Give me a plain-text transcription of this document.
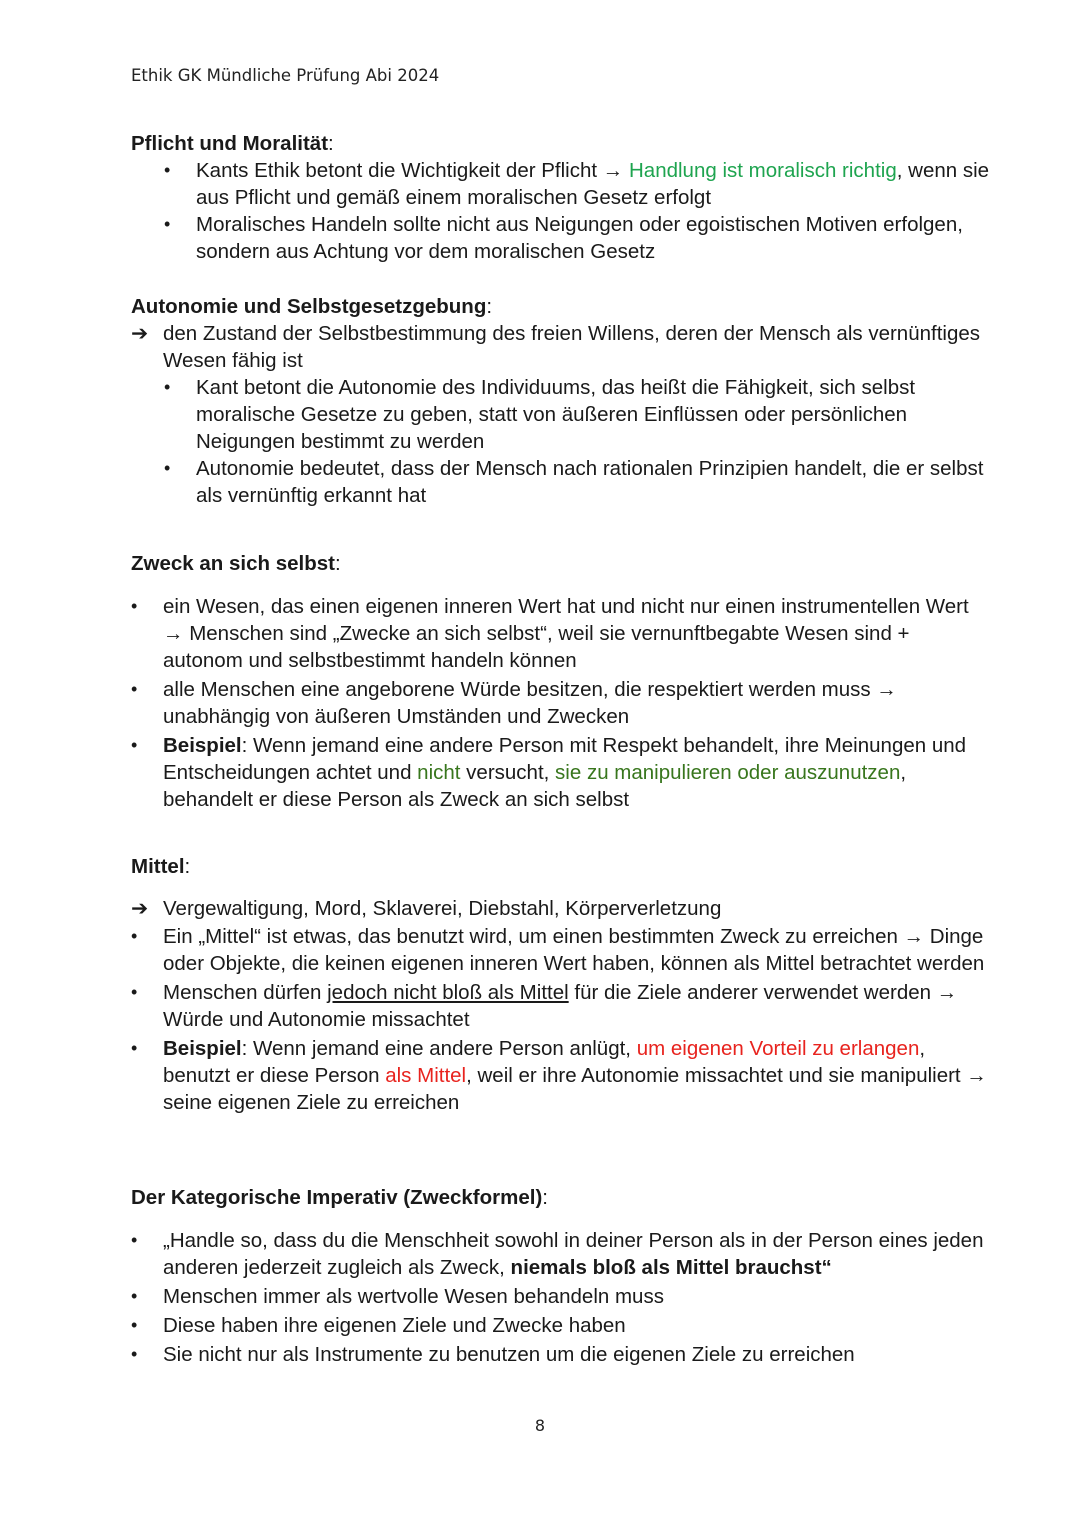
Ethik GK Mündliche Prüfung Abi 2024

Pflicht und Moralität:

• Kants Ethik betont die Wichtigkeit der Pflicht → Handlung ist moralisch richtig, wenn sie aus Pflicht und gemäß einem moralischen Gesetz erfolgt
• Moralisches Handeln sollte nicht aus Neigungen oder egoistischen Motiven erfolgen, sondern aus Achtung vor dem moralischen Gesetz

Autonomie und Selbstgesetzgebung:

➔ den Zustand der Selbstbestimmung des freien Willens, deren der Mensch als vernünftiges Wesen fähig ist
• Kant betont die Autonomie des Individuums, das heißt die Fähigkeit, sich selbst moralische Gesetze zu geben, statt von äußeren Einflüssen oder persönlichen Neigungen bestimmt zu werden
• Autonomie bedeutet, dass der Mensch nach rationalen Prinzipien handelt, die er selbst als vernünftig erkannt hat

Zweck an sich selbst:

• ein Wesen, das einen eigenen inneren Wert hat und nicht nur einen instrumentellen Wert → Menschen sind „Zwecke an sich selbst“, weil sie vernunftbegabte Wesen sind + autonom und selbstbestimmt handeln können
• alle Menschen eine angeborene Würde besitzen, die respektiert werden muss → unabhängig von äußeren Umständen und Zwecken
• Beispiel: Wenn jemand eine andere Person mit Respekt behandelt, ihre Meinungen und Entscheidungen achtet und nicht versucht, sie zu manipulieren oder auszunutzen, behandelt er diese Person als Zweck an sich selbst

Mittel:

➔ Vergewaltigung, Mord, Sklaverei, Diebstahl, Körperverletzung
• Ein „Mittel“ ist etwas, das benutzt wird, um einen bestimmten Zweck zu erreichen → Dinge oder Objekte, die keinen eigenen inneren Wert haben, können als Mittel betrachtet werden
• Menschen dürfen jedoch nicht bloß als Mittel für die Ziele anderer verwendet werden → Würde und Autonomie missachtet
• Beispiel: Wenn jemand eine andere Person anlügt, um eigenen Vorteil zu erlangen, benutzt er diese Person als Mittel, weil er ihre Autonomie missachtet und sie manipuliert → seine eigenen Ziele zu erreichen

Der Kategorische Imperativ (Zweckformel):

• „Handle so, dass du die Menschheit sowohl in deiner Person als in der Person eines jeden anderen jederzeit zugleich als Zweck, niemals bloß als Mittel brauchst“
• Menschen immer als wertvolle Wesen behandeln muss
• Diese haben ihre eigenen Ziele und Zwecke haben
• Sie nicht nur als Instrumente zu benutzen um die eigenen Ziele zu erreichen
8
